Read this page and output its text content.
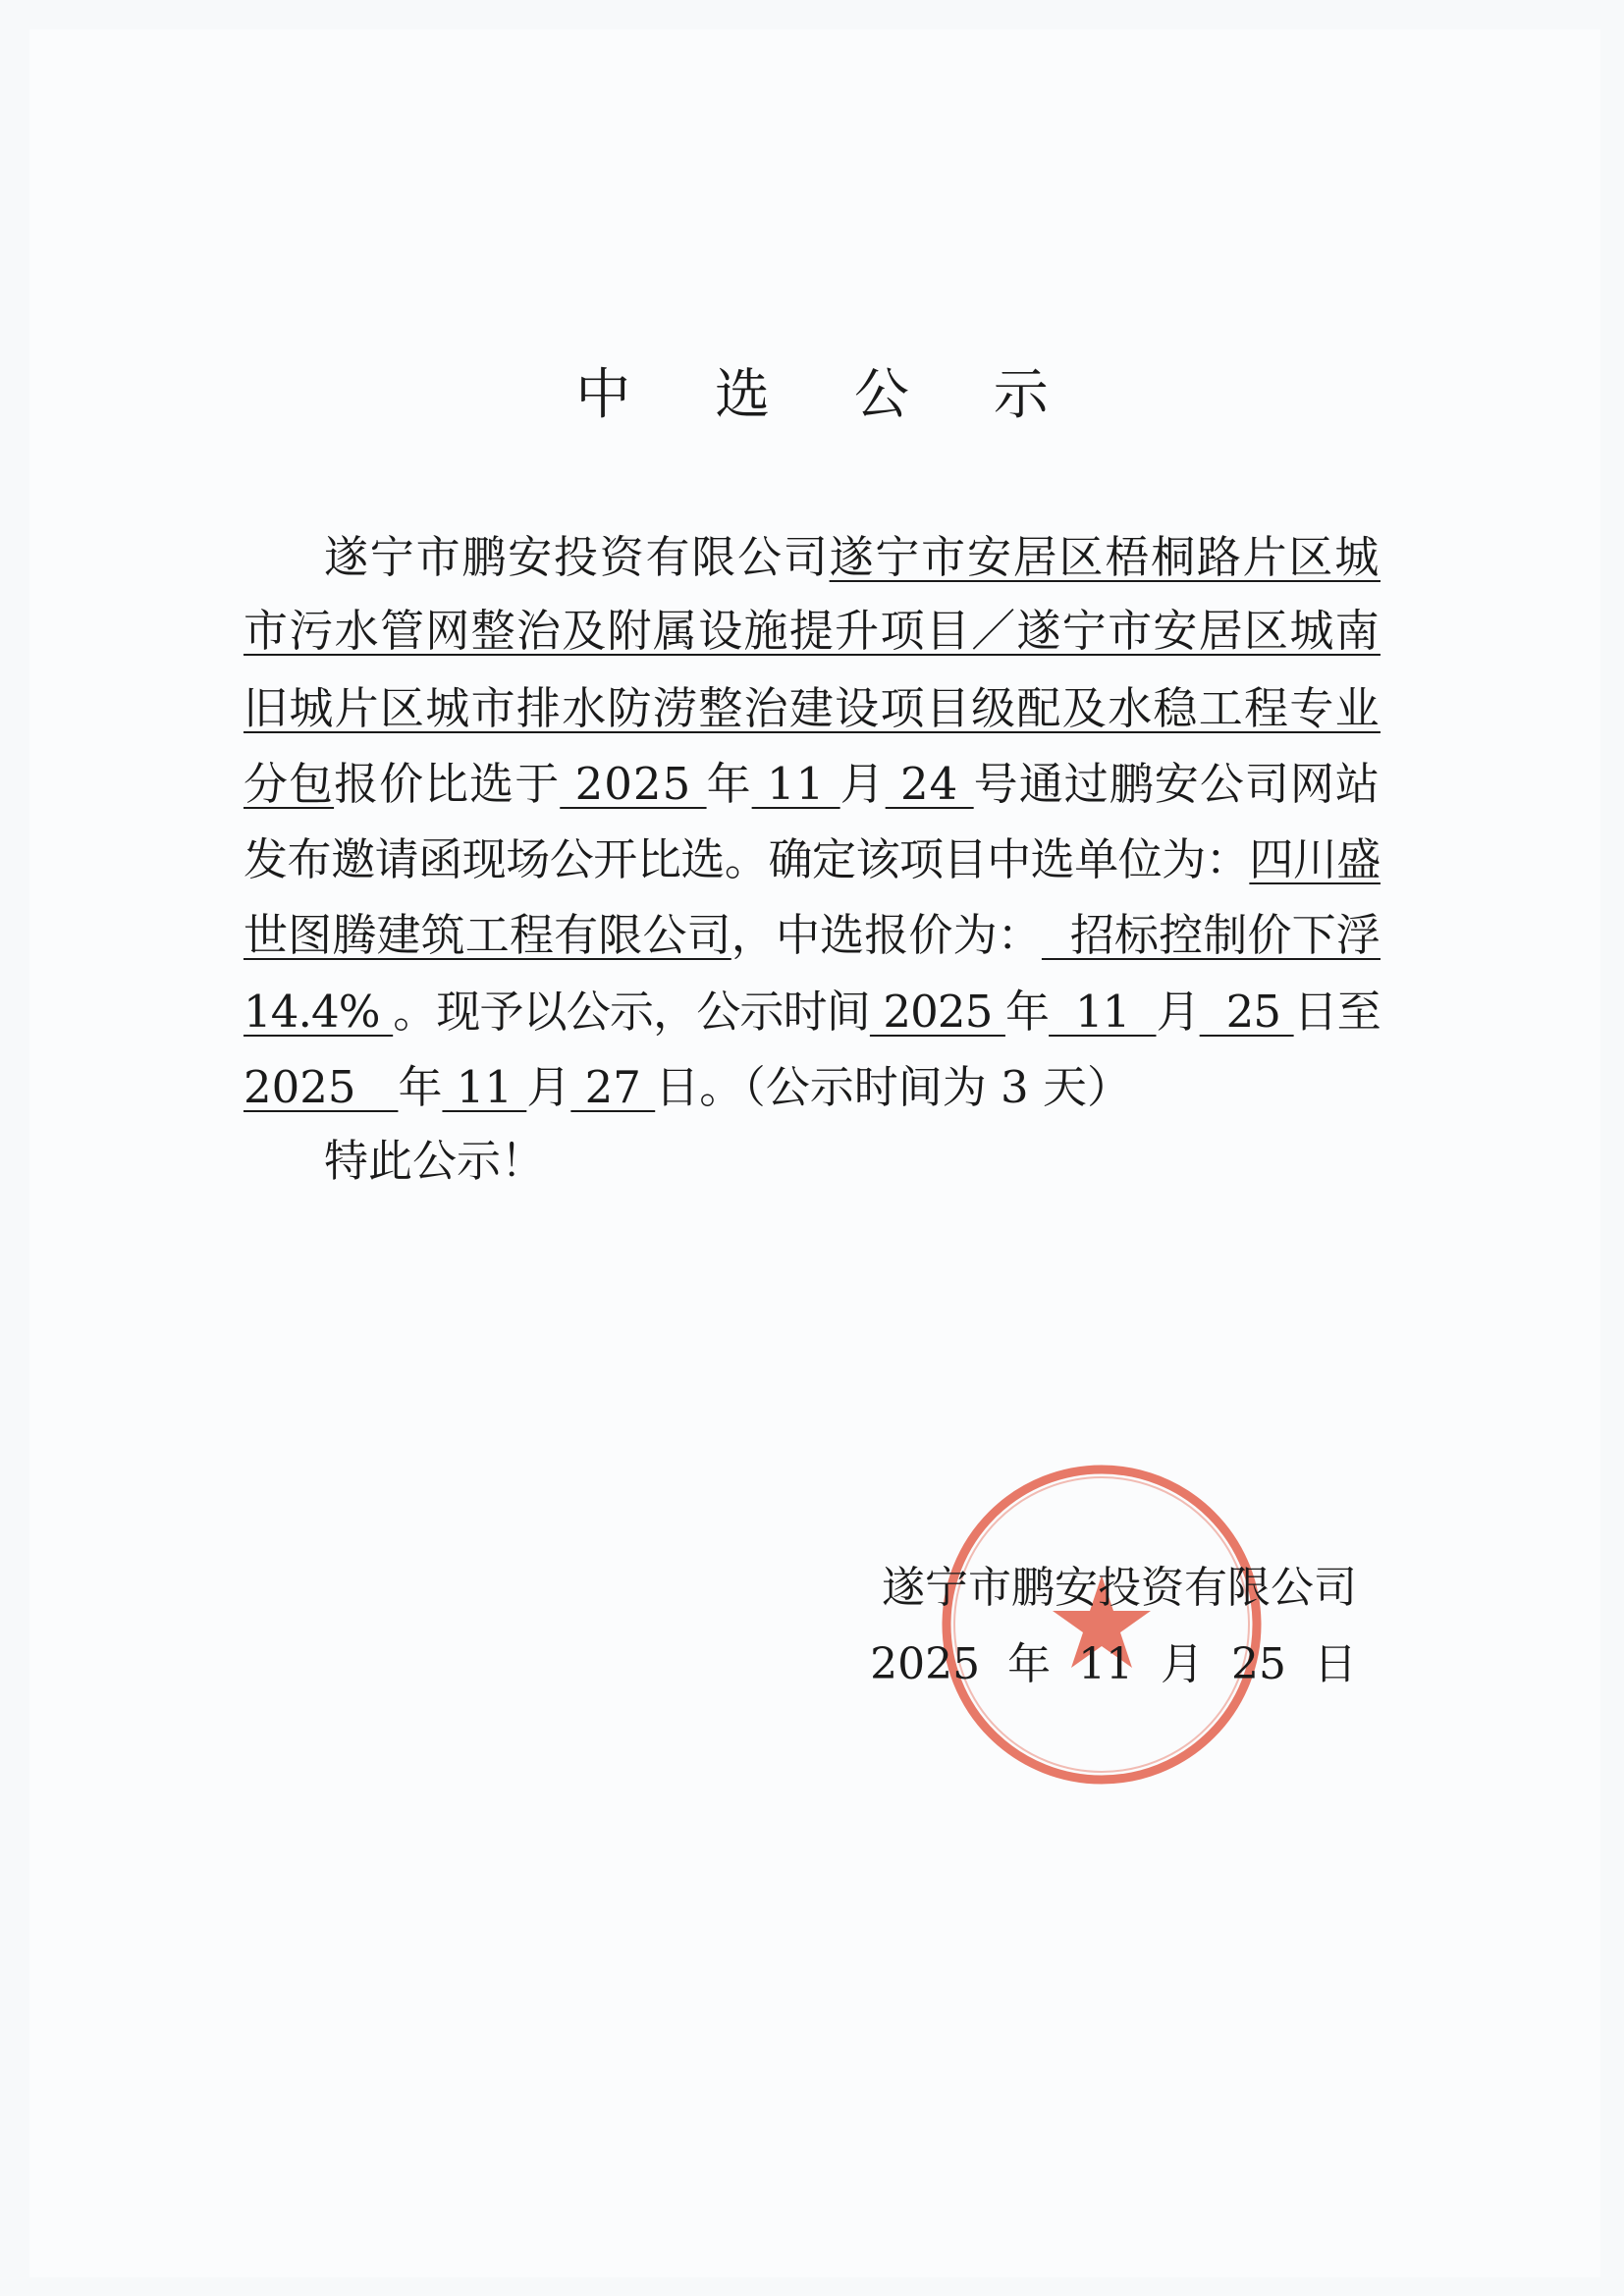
中 选 公 示
遂宁市鹏安投资有限公司遂宁市安居区梧桐路片区城
市污水管网整治及附属设施提升项目／遂宁市安居区城南
旧城片区城市排水防涝整治建设项目级配及水稳工程专业
分包报价比选于 2025 年 11 月 24 号通过鹏安公司网站
发布邀请函现场公开比选。确定该项目中选单位为：四川盛
世图腾建筑工程有限公司，中选报价为：  招标控制价下浮
14.4% 。现予以公示，公示时间 2025 年  11  月  25 日至
2025   年 11 月 27 日。（公示时间为 3 天）
特此公示！
遂宁市鹏安投资有限公司
2025  年  11  月  25  日
